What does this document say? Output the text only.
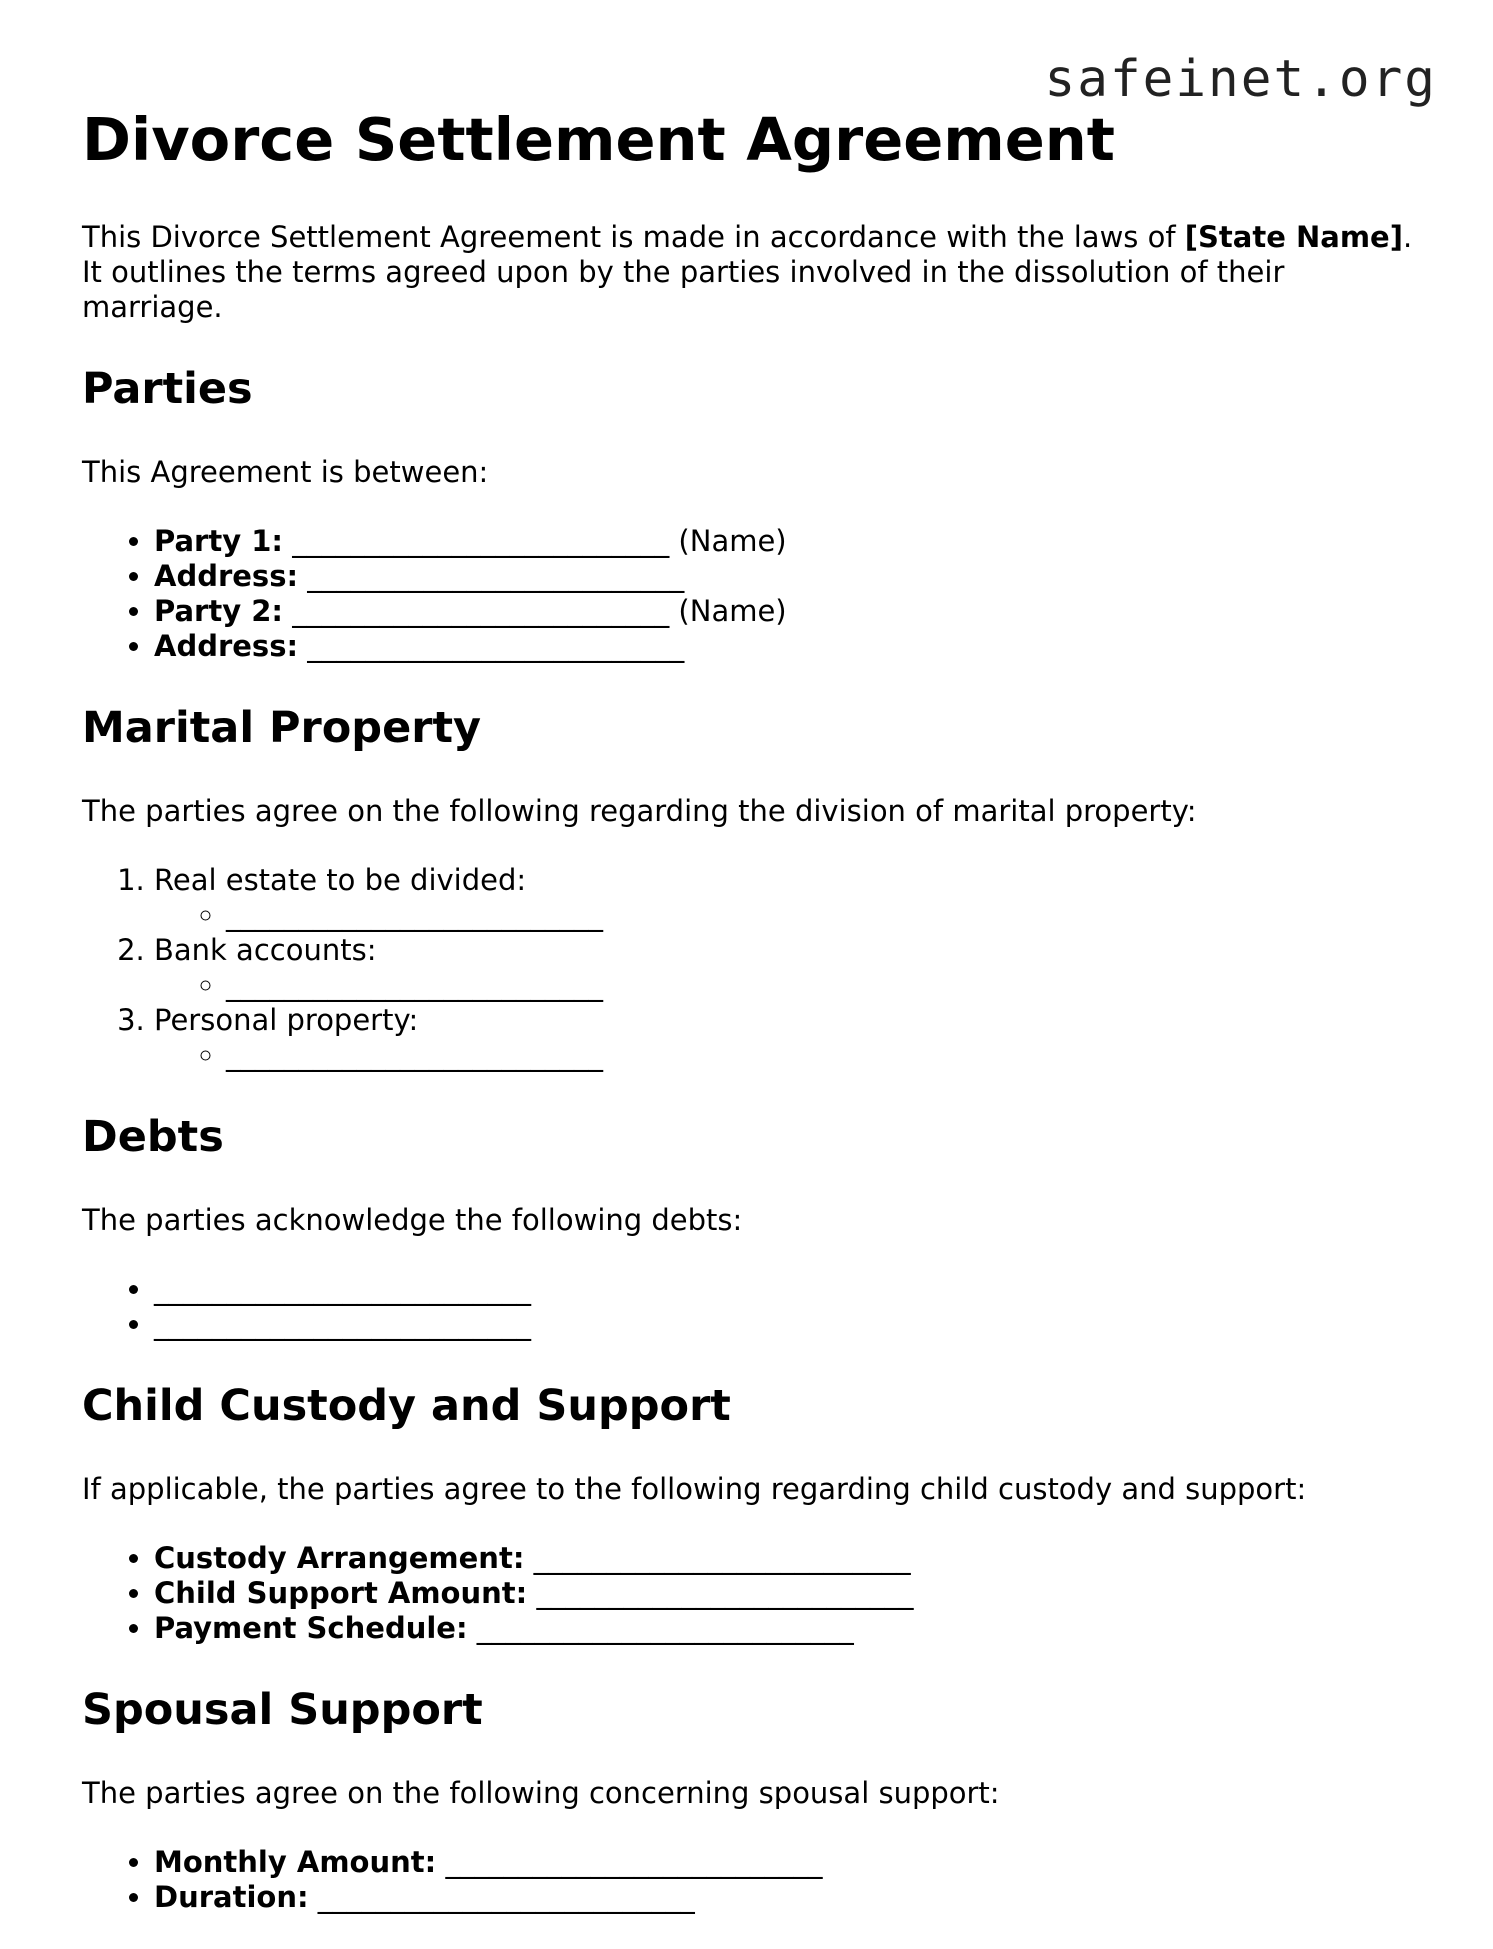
safeinet.org
Divorce Settlement Agreement

This Divorce Settlement Agreement is made in accordance with the laws of [State Name]. It outlines the terms agreed upon by the parties involved in the dissolution of their marriage.

Parties

This Agreement is between:

• Party 1: __________________________ (Name)
• Address: __________________________
• Party 2: __________________________ (Name)
• Address: __________________________
Marital Property

The parties agree on the following regarding the division of marital property:

1. Real estate to be divided:
◦ __________________________
2. Bank accounts:
◦ __________________________
3. Personal property:
◦ __________________________
Debts

The parties acknowledge the following debts:

• __________________________
• __________________________
Child Custody and Support

If applicable, the parties agree to the following regarding child custody and support:

• Custody Arrangement: __________________________
• Child Support Amount: __________________________
• Payment Schedule: __________________________
Spousal Support

The parties agree on the following concerning spousal support:

• Monthly Amount: __________________________
• Duration: __________________________
